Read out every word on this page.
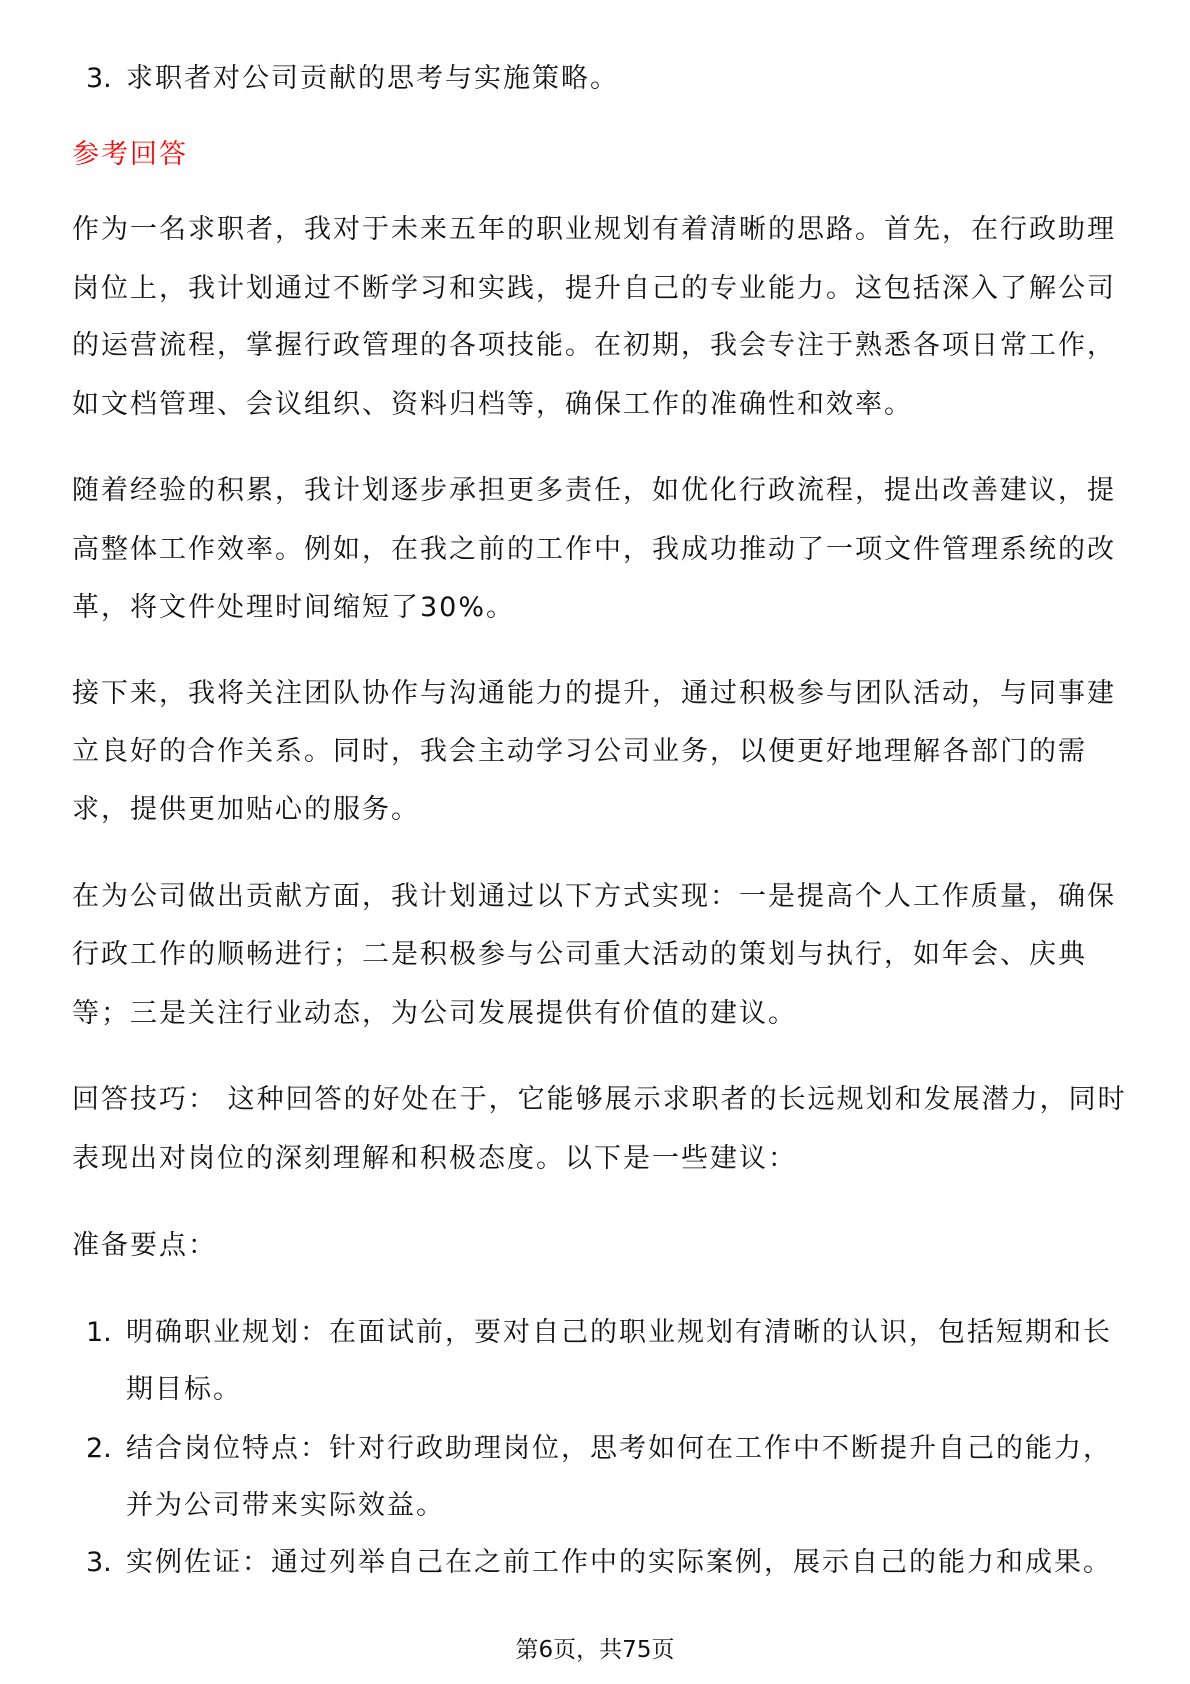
3. 求职者对公司贡献的思考与实施策略。
参考回答
作为一名求职者，我对于未来五年的职业规划有着清晰的思路。首先，在行政助理
岗位上，我计划通过不断学习和实践，提升自己的专业能力。这包括深入了解公司
的运营流程，掌握行政管理的各项技能。在初期，我会专注于熟悉各项日常工作，
如文档管理、会议组织、资料归档等，确保工作的准确性和效率。
随着经验的积累，我计划逐步承担更多责任，如优化行政流程，提出改善建议，提
高整体工作效率。例如，在我之前的工作中，我成功推动了一项文件管理系统的改
革，将文件处理时间缩短了30%。
接下来，我将关注团队协作与沟通能力的提升，通过积极参与团队活动，与同事建
立良好的合作关系。同时，我会主动学习公司业务，以便更好地理解各部门的需
求，提供更加贴心的服务。
在为公司做出贡献方面，我计划通过以下方式实现：一是提高个人工作质量，确保
行政工作的顺畅进行；二是积极参与公司重大活动的策划与执行，如年会、庆典
等；三是关注行业动态，为公司发展提供有价值的建议。
回答技巧： 这种回答的好处在于，它能够展示求职者的长远规划和发展潜力，同时
表现出对岗位的深刻理解和积极态度。以下是一些建议：
准备要点：
1. 明确职业规划：在面试前，要对自己的职业规划有清晰的认识，包括短期和长
期目标。
2. 结合岗位特点：针对行政助理岗位，思考如何在工作中不断提升自己的能力，
并为公司带来实际效益。
3. 实例佐证：通过列举自己在之前工作中的实际案例，展示自己的能力和成果。
第6页，共75页
